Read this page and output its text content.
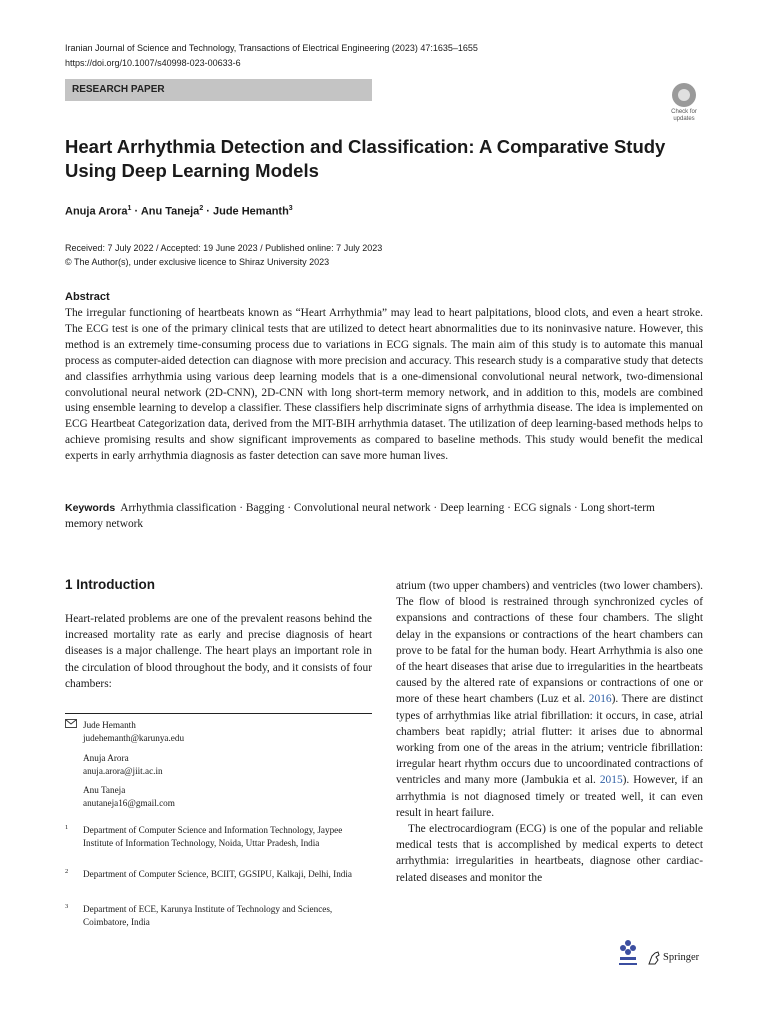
Iranian Journal of Science and Technology, Transactions of Electrical Engineering (2023) 47:1635–1655
https://doi.org/10.1007/s40998-023-00633-6
RESEARCH PAPER
Check for
updates
Heart Arrhythmia Detection and Classification: A Comparative Study Using Deep Learning Models
Anuja Arora$^1$ · Anu Taneja$^2$ · Jude Hemanth$^3$
Received: 7 July 2022 / Accepted: 19 June 2023 / Published online: 7 July 2023
© The Author(s), under exclusive licence to Shiraz University 2023
Abstract
The irregular functioning of heartbeats known as “Heart Arrhythmia” may lead to heart palpitations, blood clots, and even a heart stroke. The ECG test is one of the primary clinical tests that are utilized to detect heart abnormalities due to its noninvasive nature. However, this method is an extremely time-consuming process due to variations in ECG signals. The main aim of this study is to automate this manual process as computer-aided detection can diagnose with more precision and accuracy. This research study is a comparative study that detects and classifies arrhythmia using various deep learning models that is a one-dimensional convolutional neural network, two-dimensional convolutional neural network (2D-CNN), 2D-CNN with long short-term memory network, and in addition to this, models are combined using ensemble learning to develop a classifier. These classifiers help discriminate signs of arrhythmia disease. The idea is implemented on ECG Heartbeat Categorization data, derived from the MIT-BIH arrhythmia dataset. The utilization of deep learning-based methods helps to achieve promising results and show significant improvements as compared to baseline methods. This study would benefit the medical experts in early arrhythmia diagnosis as faster detection can save more human lives.
Keywords Arrhythmia classification · Bagging · Convolutional neural network · Deep learning · ECG signals · Long short-term memory network
1 Introduction
Heart-related problems are one of the prevalent reasons behind the increased mortality rate as early and precise diagnosis of heart diseases is a major challenge. The heart plays an important role in the circulation of blood throughout the body, and it consists of four chambers:
Jude Hemanth
judehemanth@karunya.edu
Anuja Arora
anuja.arora@jiit.ac.in
Anu Taneja
anutaneja16@gmail.com
1 Department of Computer Science and Information Technology, Jaypee Institute of Information Technology, Noida, Uttar Pradesh, India
2 Department of Computer Science, BCIIT, GGSIPU, Kalkaji, Delhi, India
3 Department of ECE, Karunya Institute of Technology and Sciences, Coimbatore, India

atrium (two upper chambers) and ventricles (two lower chambers). The flow of blood is restrained through synchronized cycles of expansions and contractions of these four chambers. The slight delay in the expansions or contractions of the heart chambers can prove to be fatal for the human body. Heart Arrhythmia is also one of the heart diseases that arise due to irregularities in the heartbeats caused by the altered rate of expansions or contractions of one or more of these heart chambers (Luz et al. 2016). There are distinct types of arrhythmias like atrial fibrillation: it occurs, in case, atrial chambers beat rapidly; atrial flutter: it arises due to abnormal working from one of the areas in the atrium; ventricle fibrillation: irregular heart rhythm occurs due to uncoordinated contractions of ventricles and many more (Jambukia et al. 2015). However, if an arrhythmia is not diagnosed timely or treated well, it can even result in heart failure.

The electrocardiogram (ECG) is one of the popular and reliable medical tests that is accomplished by medical experts to detect arrhythmia: irregularities in heartbeats, diagnose other cardiac-related diseases and monitor the

Springer
